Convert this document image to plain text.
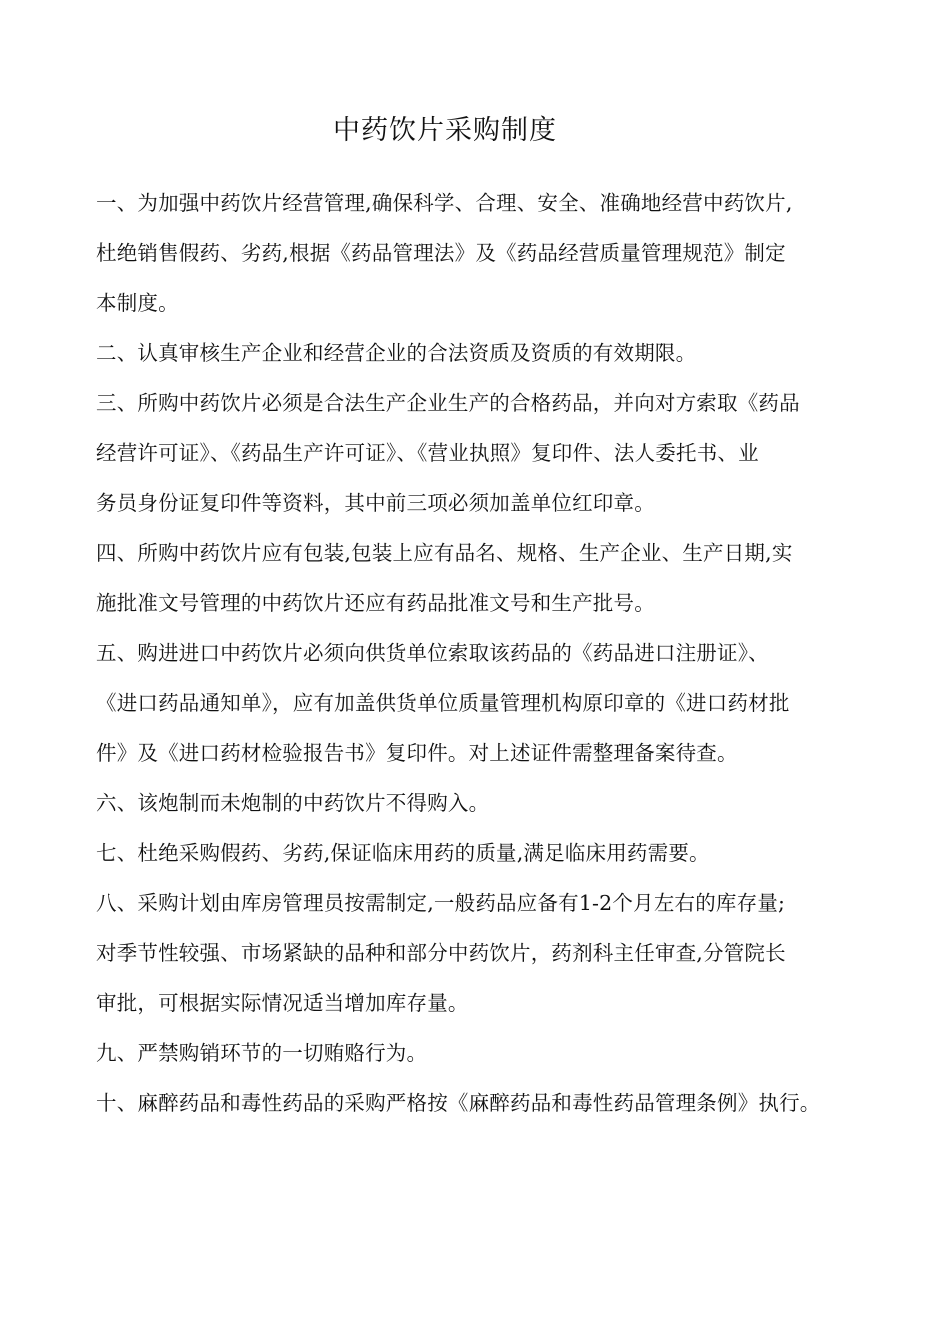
中药饮片采购制度
一、为加强中药饮片经营管理,确保科学、合理、安全、准确地经营中药饮片,
杜绝销售假药、劣药,根据《药品管理法》及《药品经营质量管理规范》制定
本制度。
二、认真审核生产企业和经营企业的合法资质及资质的有效期限。
三、所购中药饮片必须是合法生产企业生产的合格药品，并向对方索取《药品
经营许可证》、《药品生产许可证》、《营业执照》复印件、法人委托书、业
务员身份证复印件等资料，其中前三项必须加盖单位红印章。
四、所购中药饮片应有包装,包装上应有品名、规格、生产企业、生产日期,实
施批准文号管理的中药饮片还应有药品批准文号和生产批号。
五、购进进口中药饮片必须向供货单位索取该药品的《药品进口注册证》、
《进口药品通知单》，应有加盖供货单位质量管理机构原印章的《进口药材批
件》及《进口药材检验报告书》复印件。对上述证件需整理备案待查。
六、该炮制而未炮制的中药饮片不得购入。
七、杜绝采购假药、劣药,保证临床用药的质量,满足临床用药需要。
八、采购计划由库房管理员按需制定,一般药品应备有1-2个月左右的库存量;
对季节性较强、市场紧缺的品种和部分中药饮片，药剂科主任审查,分管院长
审批，可根据实际情况适当增加库存量。
九、严禁购销环节的一切贿赂行为。
十、麻醉药品和毒性药品的采购严格按《麻醉药品和毒性药品管理条例》执行。
